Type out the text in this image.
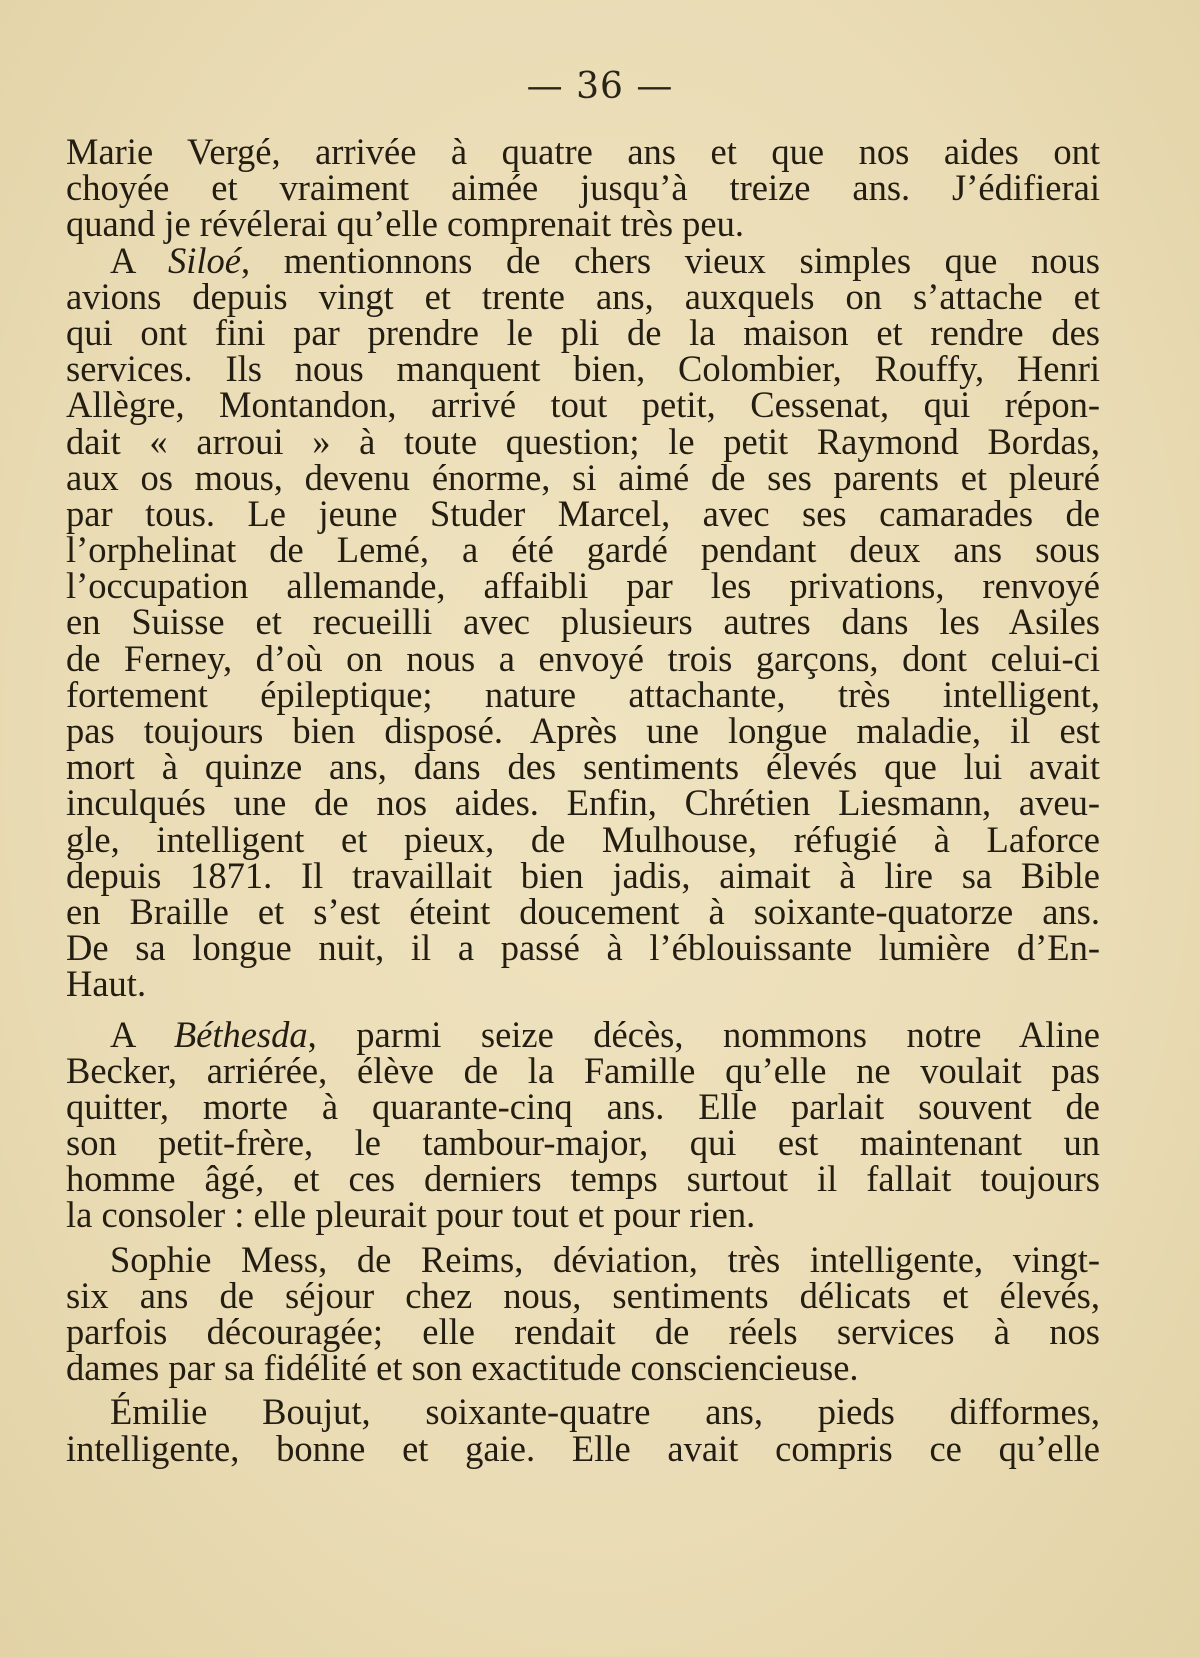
— 36 —
Marie Vergé, arrivée à quatre ans et que nos aides ont
choyée et vraiment aimée jusqu’à treize ans. J’édifierai
quand je révélerai qu’elle comprenait très peu.
A Siloé, mentionnons de chers vieux simples que nous
avions depuis vingt et trente ans, auxquels on s’attache et
qui ont fini par prendre le pli de la maison et rendre des
services. Ils nous manquent bien, Colombier, Rouffy, Henri
Allègre, Montandon, arrivé tout petit, Cessenat, qui répon-
dait « arroui » à toute question; le petit Raymond Bordas,
aux os mous, devenu énorme, si aimé de ses parents et pleuré
par tous. Le jeune Studer Marcel, avec ses camarades de
l’orphelinat de Lemé, a été gardé pendant deux ans sous
l’occupation allemande, affaibli par les privations, renvoyé
en Suisse et recueilli avec plusieurs autres dans les Asiles
de Ferney, d’où on nous a envoyé trois garçons, dont celui-ci
fortement épileptique; nature attachante, très intelligent,
pas toujours bien disposé. Après une longue maladie, il est
mort à quinze ans, dans des sentiments élevés que lui avait
inculqués une de nos aides. Enfin, Chrétien Liesmann, aveu-
gle, intelligent et pieux, de Mulhouse, réfugié à Laforce
depuis 1871. Il travaillait bien jadis, aimait à lire sa Bible
en Braille et s’est éteint doucement à soixante-quatorze ans.
De sa longue nuit, il a passé à l’éblouissante lumière d’En-
Haut.
A Béthesda, parmi seize décès, nommons notre Aline
Becker, arriérée, élève de la Famille qu’elle ne voulait pas
quitter, morte à quarante-cinq ans. Elle parlait souvent de
son petit-frère, le tambour-major, qui est maintenant un
homme âgé, et ces derniers temps surtout il fallait toujours
la consoler : elle pleurait pour tout et pour rien.
Sophie Mess, de Reims, déviation, très intelligente, vingt-
six ans de séjour chez nous, sentiments délicats et élevés,
parfois découragée; elle rendait de réels services à nos
dames par sa fidélité et son exactitude consciencieuse.
Émilie Boujut, soixante-quatre ans, pieds difformes,
intelligente, bonne et gaie. Elle avait compris ce qu’elle
